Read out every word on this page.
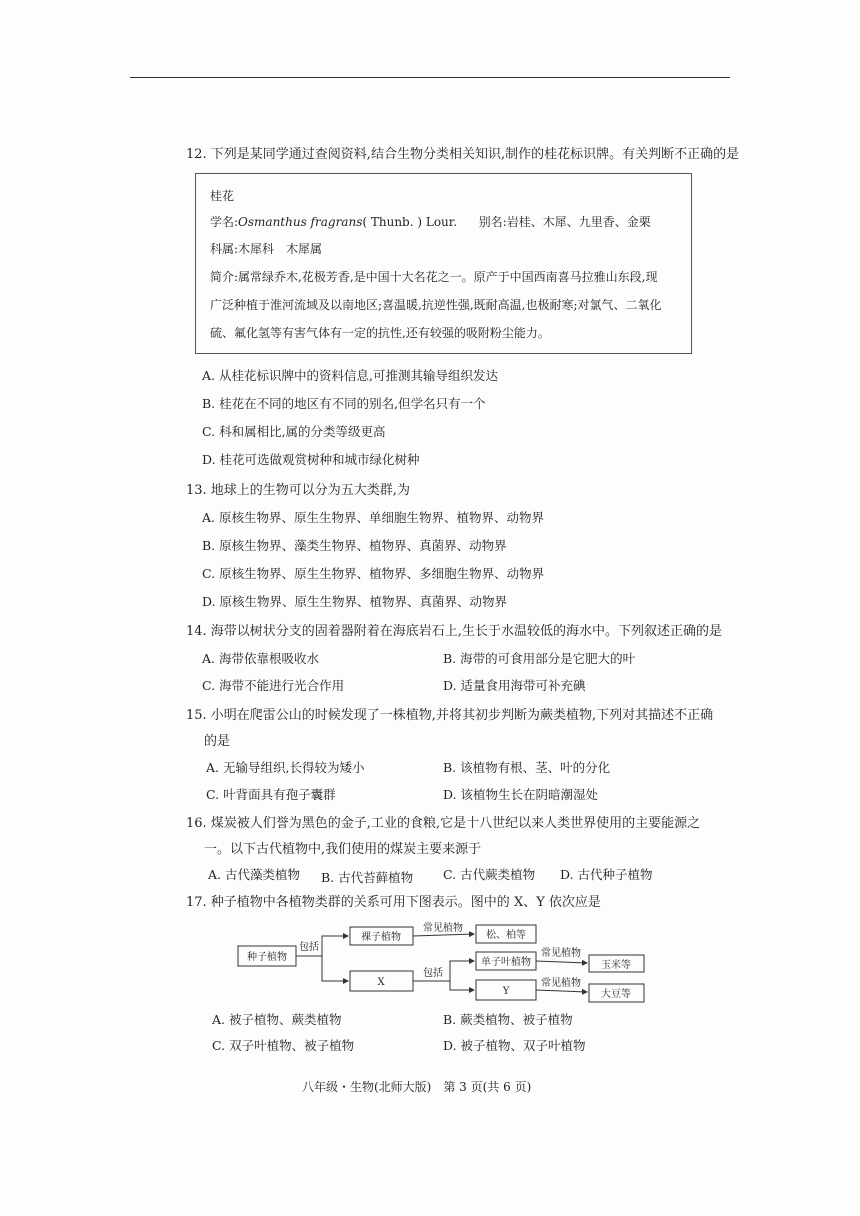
12. 下列是某同学通过查阅资料,结合生物分类相关知识,制作的桂花标识牌。有关判断不正确的是
桂花
学名:Osmanthus fragrans( Thunb. ) Lour. 别名:岩桂、木犀、九里香、金栗
科属:木犀科　木犀属
简介:属常绿乔木,花极芳香,是中国十大名花之一。原产于中国西南喜马拉雅山东段,现
广泛种植于淮河流域及以南地区;喜温暖,抗逆性强,既耐高温,也极耐寒;对氯气、二氧化
硫、氟化氢等有害气体有一定的抗性,还有较强的吸附粉尘能力。
A. 从桂花标识牌中的资料信息,可推测其输导组织发达
B. 桂花在不同的地区有不同的别名,但学名只有一个
C. 科和属相比,属的分类等级更高
D. 桂花可选做观赏树种和城市绿化树种
13. 地球上的生物可以分为五大类群,为
A. 原核生物界、原生生物界、单细胞生物界、植物界、动物界
B. 原核生物界、藻类生物界、植物界、真菌界、动物界
C. 原核生物界、原生生物界、植物界、多细胞生物界、动物界
D. 原核生物界、原生生物界、植物界、真菌界、动物界
14. 海带以树状分支的固着器附着在海底岩石上,生长于水温较低的海水中。下列叙述正确的是
A. 海带依靠根吸收水	B. 海带的可食用部分是它肥大的叶
C. 海带不能进行光合作用	D. 适量食用海带可补充碘
15. 小明在爬雷公山的时候发现了一株植物,并将其初步判断为蕨类植物,下列对其描述不正确
的是
A. 无输导组织,长得较为矮小	B. 该植物有根、茎、叶的分化
C. 叶背面具有孢子囊群	D. 该植物生长在阴暗潮湿处
16. 煤炭被人们誉为黑色的金子,工业的食粮,它是十八世纪以来人类世界使用的主要能源之
一。以下古代植物中,我们使用的煤炭主要来源于
A. 古代藻类植物 B. 古代苔藓植物 C. 古代蕨类植物 D. 古代种子植物
17. 种子植物中各植物类群的关系可用下图表示。图中的 X、Y 依次应是
种子植物
包括
裸子植物
常见植物
松、柏等
X
包括
单子叶植物
常见植物
玉米等
Y
常见植物
大豆等
A. 被子植物、蕨类植物	B. 蕨类植物、被子植物
C. 双子叶植物、被子植物	D. 被子植物、双子叶植物
八年级・生物(北师大版)　第 3 页(共 6 页)
